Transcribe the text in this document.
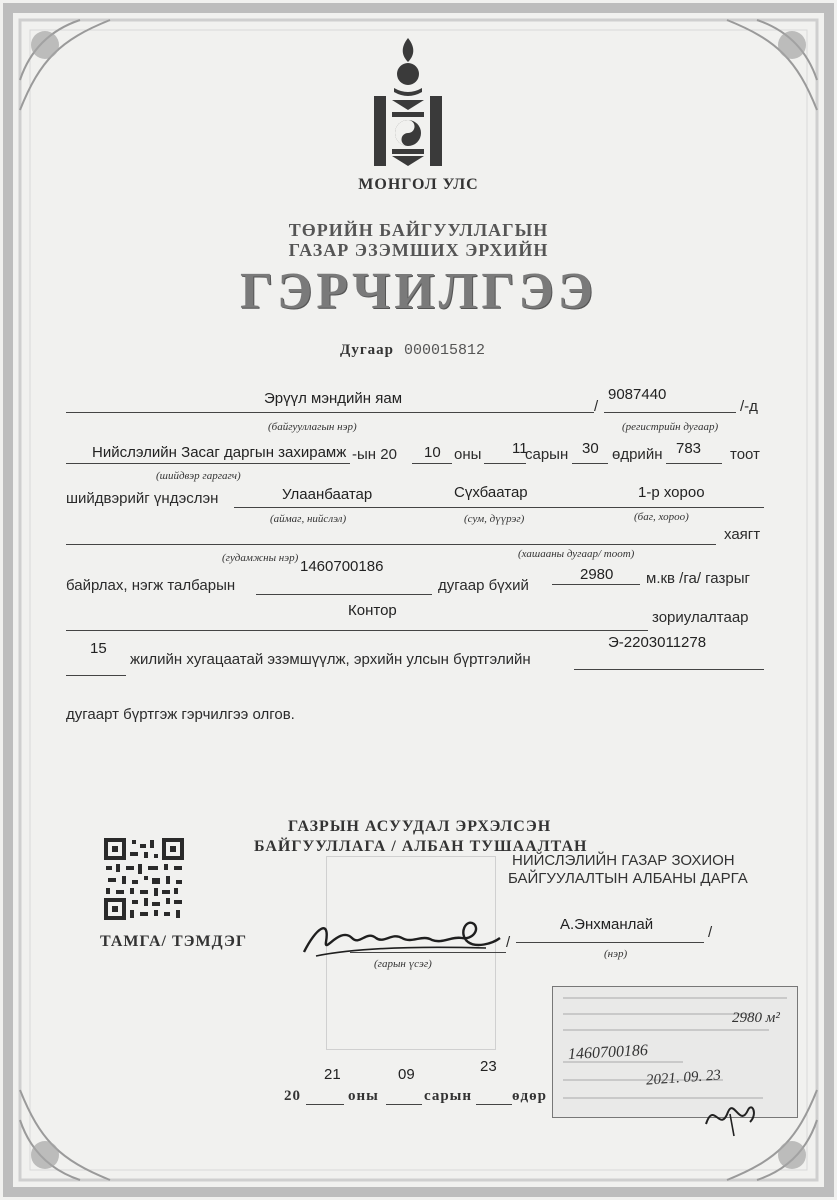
МОНГОЛ УЛС
ТӨРИЙН БАЙГУУЛЛАГЫН
ГАЗАР ЭЗЭМШИХ ЭРХИЙН
ГЭРЧИЛГЭЭ
Дугаар 000015812
Эрүүл мэндийн яам
(байгууллагын нэр)
/
9087440
(регистрийн дугаар)
/-д
Нийслэлийн Засаг даргын захирамж
(шийдвэр гаргагч)
-ын 20 10 оны 11
сарын 30 өдрийн 783 тоот
шийдвэрийг үндэслэн	Улаанбаатар
(аймаг, нийслэл)
Сүхбаатар
(сум, дүүрэг)
1-р хороо
(баг, хороо)
хаягт
(гудамжны нэр)	(хашааны дугаар/ тоот)
байрлах, нэгж талбарын
1460700186
дугаар бүхий
2980 м.кв /га/ газрыг
Контор	зориулалтаар
15
жилийн хугацаатай эзэмшүүлж, эрхийн улсын бүртгэлийн
Э-2203011278
дугаарт бүртгэж гэрчилгээ олгов.
ГАЗРЫН АСУУДАЛ ЭРХЭЛСЭН
БАЙГУУЛЛАГА / АЛБАН ТУШААЛТАН
НИЙСЛЭЛИЙН ГАЗАР ЗОХИОН
БАЙГУУЛАЛТЫН АЛБАНЫ ДАРГА
ТАМГА/ ТЭМДЭГ	/
(гарын үсэг)
А.Энхманлай	/
(нэр)
2980 м²
1460700186
2021. 09. 23
20
21
оны
09
сарын
23
өдөр
